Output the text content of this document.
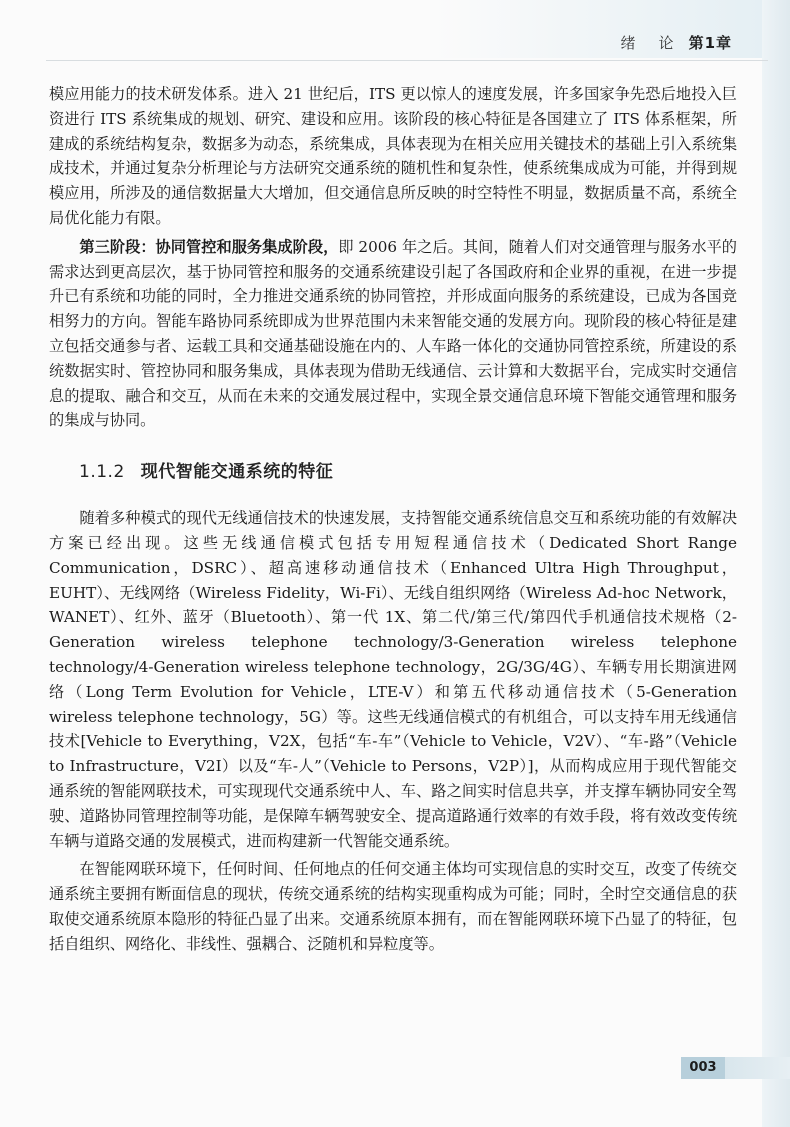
绪 论 第1章

模应用能力的技术研发体系。进入 21 世纪后，ITS 更以惊人的速度发展，许多国家争先恐后地投入巨资进行 ITS 系统集成的规划、研究、建设和应用。该阶段的核心特征是各国建立了 ITS 体系框架，所建成的系统结构复杂，数据多为动态，系统集成，具体表现为在相关应用关键技术的基础上引入系统集成技术，并通过复杂分析理论与方法研究交通系统的随机性和复杂性，使系统集成成为可能，并得到规模应用，所涉及的通信数据量大大增加，但交通信息所反映的时空特性不明显，数据质量不高，系统全局优化能力有限。

第三阶段：协同管控和服务集成阶段，即 2006 年之后。其间，随着人们对交通管理与服务水平的需求达到更高层次，基于协同管控和服务的交通系统建设引起了各国政府和企业界的重视，在进一步提升已有系统和功能的同时，全力推进交通系统的协同管控，并形成面向服务的系统建设，已成为各国竞相努力的方向。智能车路协同系统即成为世界范围内未来智能交通的发展方向。现阶段的核心特征是建立包括交通参与者、运载工具和交通基础设施在内的、人车路一体化的交通协同管控系统，所建设的系统数据实时、管控协同和服务集成，具体表现为借助无线通信、云计算和大数据平台，完成实时交通信息的提取、融合和交互，从而在未来的交通发展过程中，实现全景交通信息环境下智能交通管理和服务的集成与协同。

1.1.2 现代智能交通系统的特征

随着多种模式的现代无线通信技术的快速发展，支持智能交通系统信息交互和系统功能的有效解决方案已经出现。这些无线通信模式包括专用短程通信技术（Dedicated Short Range Communication，DSRC）、超高速移动通信技术（Enhanced Ultra High Throughput，EUHT）、无线网络（Wireless Fidelity，Wi-Fi）、无线自组织网络（Wireless Ad-hoc Network，WANET）、红外、蓝牙（Bluetooth）、第一代 1X、第二代/第三代/第四代手机通信技术规格（2-Generation wireless telephone technology/3-Generation wireless telephone technology/4-Generation wireless telephone technology，2G/3G/4G）、车辆专用长期演进网络（Long Term Evolution for Vehicle，LTE-V）和第五代移动通信技术（5-Generation wireless telephone technology，5G）等。这些无线通信模式的有机组合，可以支持车用无线通信技术[Vehicle to Everything，V2X，包括“车-车”（Vehicle to Vehicle，V2V）、“车-路”（Vehicle to Infrastructure，V2I）以及“车-人”（Vehicle to Persons，V2P）]，从而构成应用于现代智能交通系统的智能网联技术，可实现现代交通系统中人、车、路之间实时信息共享，并支撑车辆协同安全驾驶、道路协同管理控制等功能，是保障车辆驾驶安全、提高道路通行效率的有效手段，将有效改变传统车辆与道路交通的发展模式，进而构建新一代智能交通系统。

在智能网联环境下，任何时间、任何地点的任何交通主体均可实现信息的实时交互，改变了传统交通系统主要拥有断面信息的现状，传统交通系统的结构实现重构成为可能；同时，全时空交通信息的获取使交通系统原本隐形的特征凸显了出来。交通系统原本拥有，而在智能网联环境下凸显了的特征，包括自组织、网络化、非线性、强耦合、泛随机和异粒度等。

003
